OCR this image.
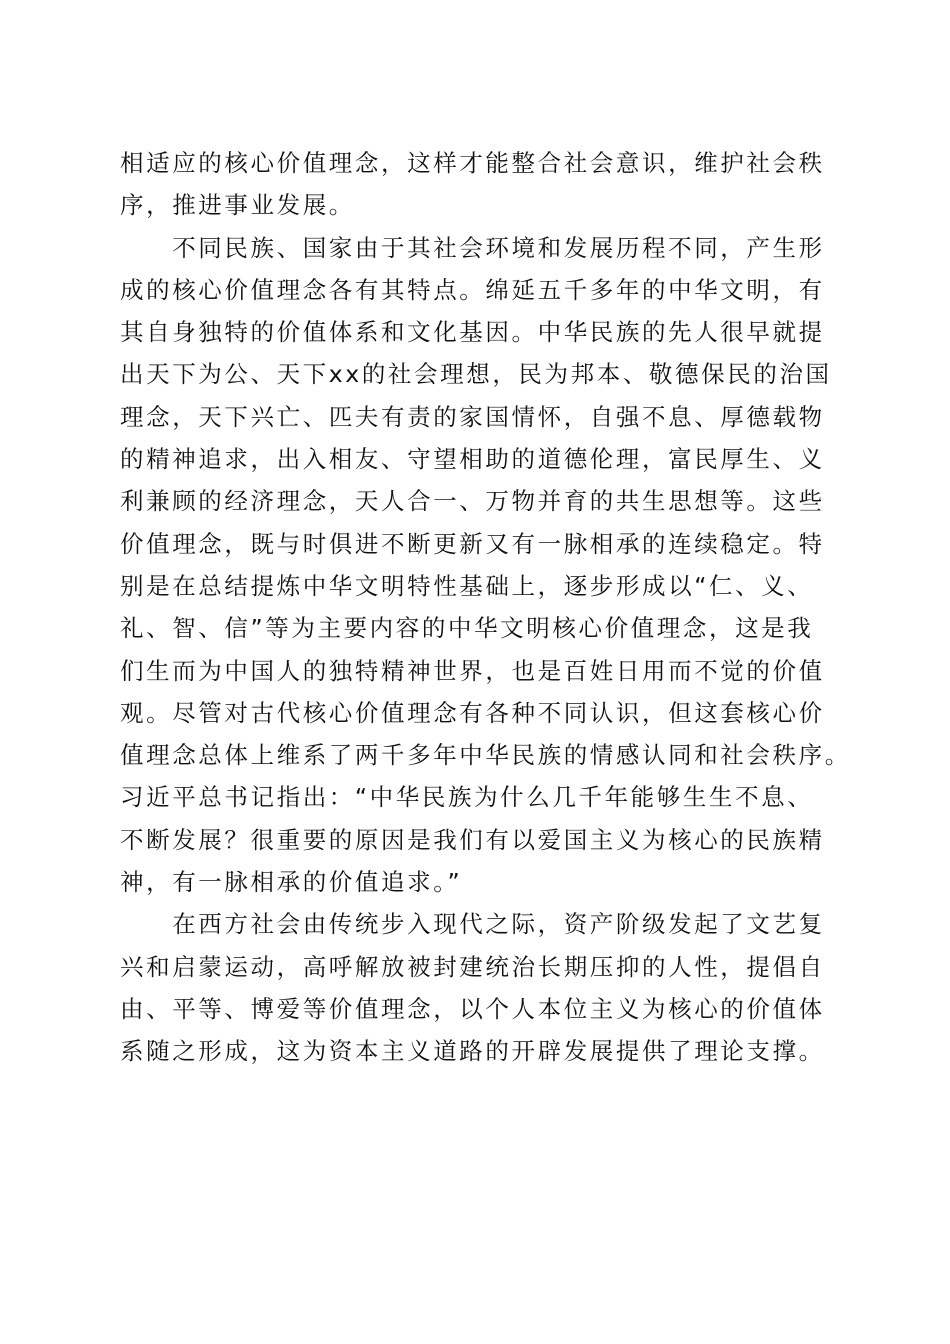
相适应的核心价值理念，这样才能整合社会意识，维护社会秩
序，推进事业发展。
　　不同民族、国家由于其社会环境和发展历程不同，产生形
成的核心价值理念各有其特点。绵延五千多年的中华文明，有
其自身独特的价值体系和文化基因。中华民族的先人很早就提
出天下为公、天下xx的社会理想，民为邦本、敬德保民的治国
理念，天下兴亡、匹夫有责的家国情怀，自强不息、厚德载物
的精神追求，出入相友、守望相助的道德伦理，富民厚生、义
利兼顾的经济理念，天人合一、万物并育的共生思想等。这些
价值理念，既与时俱进不断更新又有一脉相承的连续稳定。特
别是在总结提炼中华文明特性基础上，逐步形成以“仁、义、
礼、智、信”等为主要内容的中华文明核心价值理念，这是我
们生而为中国人的独特精神世界，也是百姓日用而不觉的价值
观。尽管对古代核心价值理念有各种不同认识，但这套核心价
值理念总体上维系了两千多年中华民族的情感认同和社会秩序。
习近平总书记指出：“中华民族为什么几千年能够生生不息、
不断发展？很重要的原因是我们有以爱国主义为核心的民族精
神，有一脉相承的价值追求。”
　　在西方社会由传统步入现代之际，资产阶级发起了文艺复
兴和启蒙运动，高呼解放被封建统治长期压抑的人性，提倡自
由、平等、博爱等价值理念，以个人本位主义为核心的价值体
系随之形成，这为资本主义道路的开辟发展提供了理论支撑。
